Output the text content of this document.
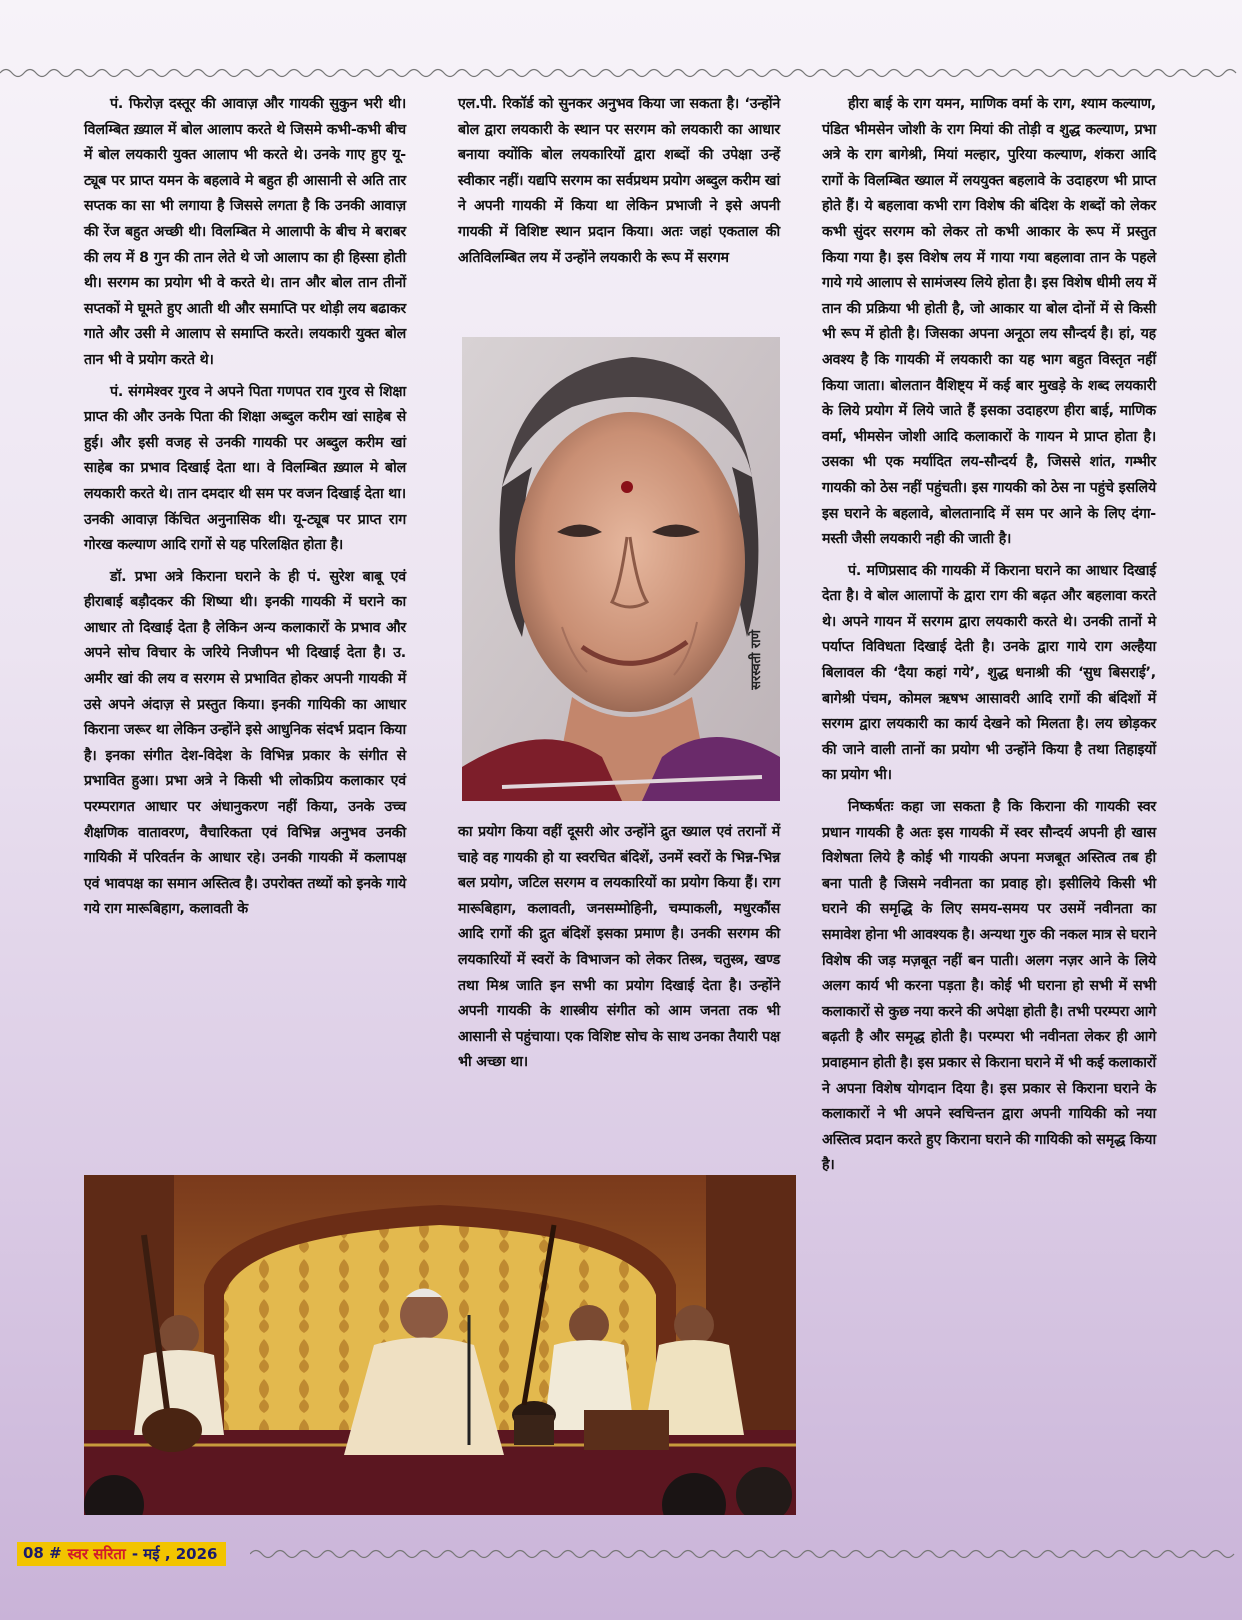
पं. फिरोज़ दस्तूर की आवाज़ और गायकी सुकुन भरी थी। विलम्बित ख़्याल में बोल आलाप करते थे जिसमे कभी-कभी बीच में बोल लयकारी युक्त आलाप भी करते थे। उनके गाए हुए यू-ट्यूब पर प्राप्त यमन के बहलावे मे बहुत ही आसानी से अति तार सप्तक का सा भी लगाया है जिससे लगता है कि उनकी आवाज़ की रेंज बहुत अच्छी थी। विलम्बित मे आलापी के बीच मे बराबर की लय में 8 गुन की तान लेते थे जो आलाप का ही हिस्सा होती थी। सरगम का प्रयोग भी वे करते थे। तान और बोल तान तीनों सप्तकों मे घूमते हुए आती थी और समाप्ति पर थोड़ी लय बढाकर गाते और उसी मे आलाप से समाप्ति करते। लयकारी युक्त बोल तान भी वे प्रयोग करते थे।

पं. संगमेश्वर गुरव ने अपने पिता गणपत राव गुरव से शिक्षा प्राप्त की और उनके पिता की शिक्षा अब्दुल करीम खां साहेब से हुई। और इसी वजह से उनकी गायकी पर अब्दुल करीम खां साहेब का प्रभाव दिखाई देता था। वे विलम्बित ख़्याल मे बोल लयकारी करते थे। तान दमदार थी सम पर वजन दिखाई देता था। उनकी आवाज़ किंचित अनुनासिक थी। यू-ट्यूब पर प्राप्त राग गोरख कल्याण आदि रागों से यह परिलक्षित होता है।

डॉ. प्रभा अत्रे किराना घराने के ही पं. सुरेश बाबू एवं हीराबाई बड़ौदकर की शिष्या थी। इनकी गायकी में घराने का आधार तो दिखाई देता है लेकिन अन्य कलाकारों के प्रभाव और अपने सोच विचार के जरिये निजीपन भी दिखाई देता है। उ. अमीर खां की लय व सरगम से प्रभावित होकर अपनी गायकी में उसे अपने अंदाज़ से प्रस्तुत किया। इनकी गायिकी का आधार किराना जरूर था लेकिन उन्होंने इसे आधुनिक संदर्भ प्रदान किया है। इनका संगीत देश-विदेश के विभिन्न प्रकार के संगीत से प्रभावित हुआ। प्रभा अत्रे ने किसी भी लोकप्रिय कलाकार एवं परम्परागत आधार पर अंधानुकरण नहीं किया, उनके उच्च शैक्षणिक वातावरण, वैचारिकता एवं विभिन्न अनुभव उनकी गायिकी में परिवर्तन के आधार रहे। उनकी गायकी में कलापक्ष एवं भावपक्ष का समान अस्तित्व है। उपरोक्त तथ्यों को इनके गाये गये राग मारूबिहाग, कलावती के

एल.पी. रिकॉर्ड को सुनकर अनुभव किया जा सकता है। ‘उन्होंने बोल द्वारा लयकारी के स्थान पर सरगम को लयकारी का आधार बनाया क्योंकि बोल लयकारियों द्वारा शब्दों की उपेक्षा उन्हें स्वीकार नहीं। यद्यपि सरगम का सर्वप्रथम प्रयोग अब्दुल करीम खां ने अपनी गायकी में किया था लेकिन प्रभाजी ने इसे अपनी गायकी में विशिष्ट स्थान प्रदान किया। अतः जहां एकताल की अतिविलम्बित लय में उन्होंने लयकारी के रूप में सरगम

सरस्वती राणे

का प्रयोग किया वहीं दूसरी ओर उन्होंने द्रुत ख्याल एवं तरानों में चाहे वह गायकी हो या स्वरचित बंदिशें, उनमें स्वरों के भिन्न-भिन्न बल प्रयोग, जटिल सरगम व लयकारियों का प्रयोग किया हैं। राग मारूबिहाग, कलावती, जनसम्मोहिनी, चम्पाकली, मधुरकौंस आदि रागों की द्रुत बंदिशें इसका प्रमाण है। उनकी सरगम की लयकारियों में स्वरों के विभाजन को लेकर तिस्त्र, चतुस्त्र, खण्ड तथा मिश्र जाति इन सभी का प्रयोग दिखाई देता है। उन्होंने अपनी गायकी के शास्त्रीय संगीत को आम जनता तक भी आसानी से पहुंचाया। एक विशिष्ट सोच के साथ उनका तैयारी पक्ष भी अच्छा था।

हीरा बाई के राग यमन, माणिक वर्मा के राग, श्याम कल्याण, पंडित भीमसेन जोशी के राग मियां की तोड़ी व शुद्ध कल्याण, प्रभा अत्रे के राग बागेश्री, मियां मल्हार, पुरिया कल्याण, शंकरा आदि रागों के विलम्बित ख्याल में लययुक्त बहलावे के उदाहरण भी प्राप्त होते हैं। ये बहलावा कभी राग विशेष की बंदिश के शब्दों को लेकर कभी सुंदर सरगम को लेकर तो कभी आकार के रूप में प्रस्तुत किया गया है। इस विशेष लय में गाया गया बहलावा तान के पहले गाये गये आलाप से सामंजस्य लिये होता है। इस विशेष धीमी लय में तान की प्रक्रिया भी होती है, जो आकार या बोल दोनों में से किसी भी रूप में होती है। जिसका अपना अनूठा लय सौन्दर्य है। हां, यह अवश्य है कि गायकी में लयकारी का यह भाग बहुत विस्तृत नहीं किया जाता। बोलतान वैशिष्ट्य में कई बार मुखड़े के शब्द लयकारी के लिये प्रयोग में लिये जाते हैं इसका उदाहरण हीरा बाई, माणिक वर्मा, भीमसेन जोशी आदि कलाकारों के गायन मे प्राप्त होता है। उसका भी एक मर्यादित लय-सौन्दर्य है, जिससे शांत, गम्भीर गायकी को ठेस नहीं पहुंचती। इस गायकी को ठेस ना पहुंचे इसलिये इस घराने के बहलावे, बोलतानादि में सम पर आने के लिए दंगा-मस्ती जैसी लयकारी नही की जाती है।

पं. मणिप्रसाद की गायकी में किराना घराने का आधार दिखाई देता है। वे बोल आलापों के द्वारा राग की बढ़त और बहलावा करते थे। अपने गायन में सरगम द्वारा लयकारी करते थे। उनकी तानों मे पर्याप्त विविधता दिखाई देती है। उनके द्वारा गाये राग अल्हैया बिलावल की ‘दैया कहां गये’, शुद्ध धनाश्री की ‘सुध बिसराई’, बागेश्री पंचम, कोमल ऋषभ आसावरी आदि रागों की बंदिशों में सरगम द्वारा लयकारी का कार्य देखने को मिलता है। लय छोड़कर की जाने वाली तानों का प्रयोग भी उन्होंने किया है तथा तिहाइयों का प्रयोग भी।

निष्कर्षतः कहा जा सकता है कि किराना की गायकी स्वर प्रधान गायकी है अतः इस गायकी में स्वर सौन्दर्य अपनी ही खास विशेषता लिये है कोई भी गायकी अपना मजबूत अस्तित्व तब ही बना पाती है जिसमे नवीनता का प्रवाह हो। इसीलिये किसी भी घराने की समृद्धि के लिए समय-समय पर उसमें नवीनता का समावेश होना भी आवश्यक है। अन्यथा गुरु की नकल मात्र से घराने विशेष की जड़ मज़बूत नहीं बन पाती। अलग नज़र आने के लिये अलग कार्य भी करना पड़ता है। कोई भी घराना हो सभी में सभी कलाकारों से कुछ नया करने की अपेक्षा होती है। तभी परम्परा आगे बढ़ती है और समृद्ध होती है। परम्परा भी नवीनता लेकर ही आगे प्रवाहमान होती है। इस प्रकार से किराना घराने में भी कई कलाकारों ने अपना विशेष योगदान दिया है। इस प्रकार से किराना घराने के कलाकारों ने भी अपने स्वचिन्तन द्वारा अपनी गायिकी को नया अस्तित्व प्रदान करते हुए किराना घराने की गायिकी को समृद्ध किया है।

08 # स्वर सरिता - मई , 2026
